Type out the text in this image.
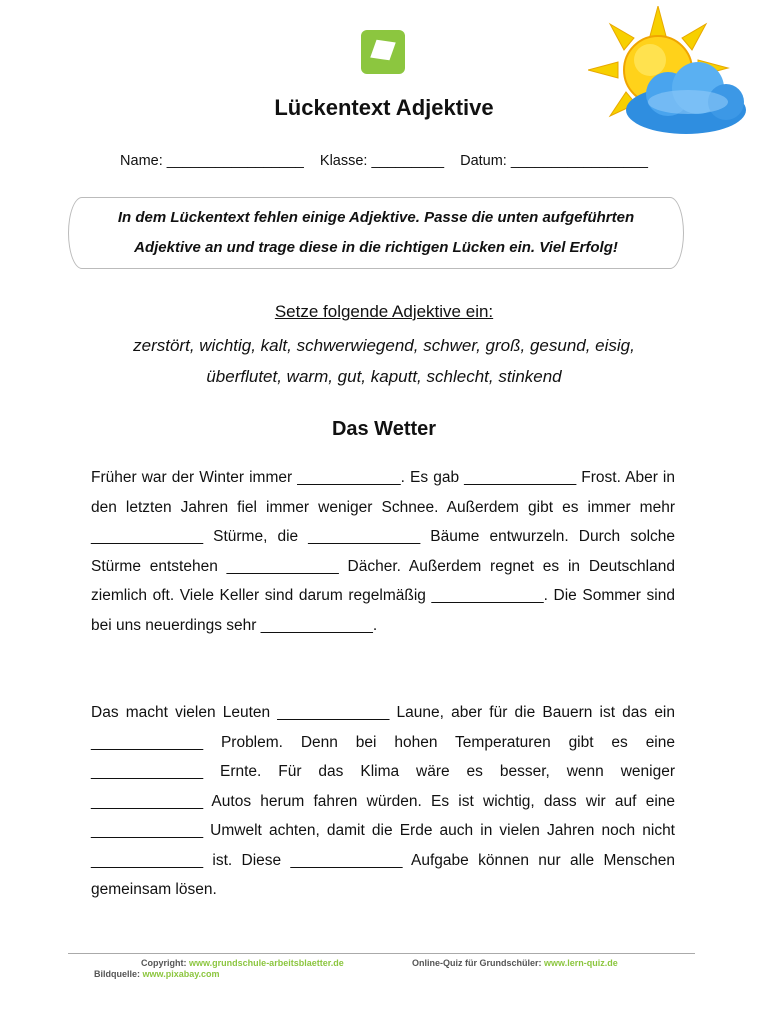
Lückentext Adjektive
Name: _________________ Klasse: _________ Datum: _________________
In dem Lückentext fehlen einige Adjektive. Passe die unten aufgeführten
Adjektive an und trage diese in die richtigen Lücken ein. Viel Erfolg!
Setze folgende Adjektive ein:
zerstört, wichtig, kalt, schwerwiegend, schwer, groß, gesund, eisig,
überflutet, warm, gut, kaputt, schlecht, stinkend
Das Wetter
Früher war der Winter immer ____________. Es gab _____________ Frost. Aber in den letzten Jahren fiel immer weniger Schnee. Außerdem gibt es immer mehr _____________ Stürme, die _____________ Bäume entwurzeln. Durch solche Stürme entstehen _____________ Dächer. Außerdem regnet es in Deutschland ziemlich oft. Viele Keller sind darum regelmäßig _____________. Die Sommer sind bei uns neuerdings sehr _____________.
Das macht vielen Leuten _____________ Laune, aber für die Bauern ist das ein _____________ Problem. Denn bei hohen Temperaturen gibt es eine _____________ Ernte. Für das Klima wäre es besser, wenn weniger _____________ Autos herum fahren würden. Es ist wichtig, dass wir auf eine _____________ Umwelt achten, damit die Erde auch in vielen Jahren noch nicht _____________ ist. Diese _____________ Aufgabe können nur alle Menschen gemeinsam lösen.
Copyright: www.grundschule-arbeitsblaetter.de	Online-Quiz für Grundschüler: www.lern-quiz.de
Bildquelle: www.pixabay.com
